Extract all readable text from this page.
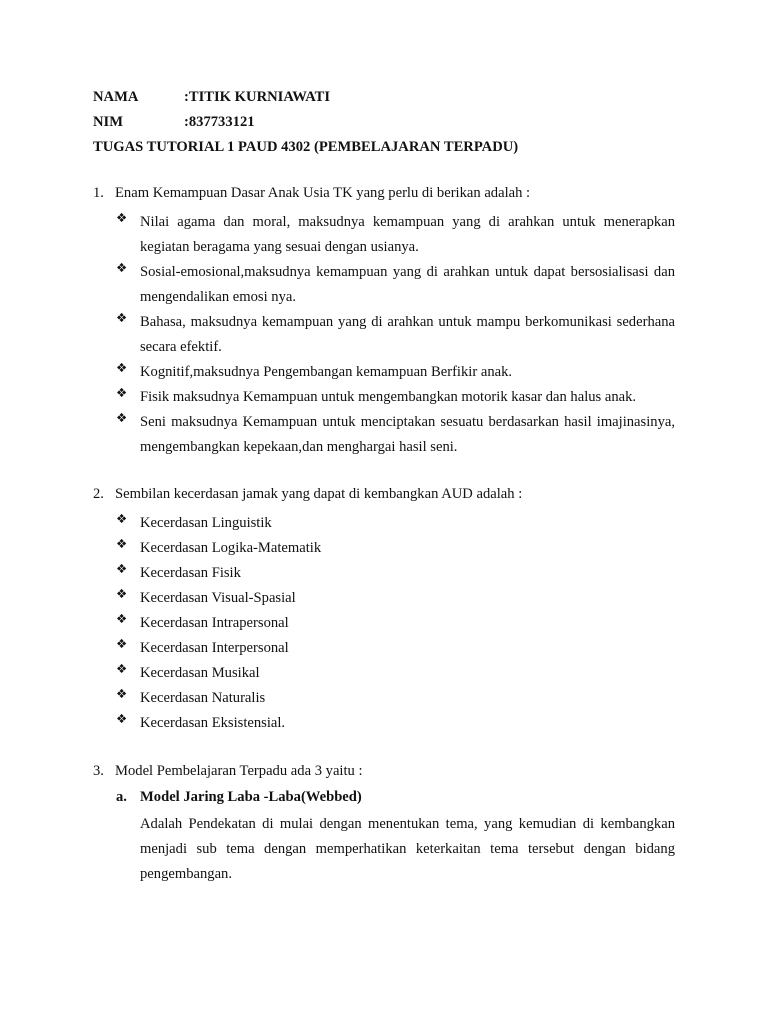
NAMA	:TITIK KURNIAWATI
NIM	:837733121
TUGAS TUTORIAL 1 PAUD 4302 (PEMBELAJARAN TERPADU)
1. Enam Kemampuan Dasar Anak Usia TK yang perlu di berikan adalah :
❖ Nilai agama dan moral, maksudnya kemampuan yang di arahkan untuk menerapkan kegiatan beragama yang sesuai dengan usianya.
❖ Sosial-emosional,maksudnya kemampuan yang di arahkan untuk dapat bersosialisasi dan mengendalikan emosi nya.
❖ Bahasa, maksudnya kemampuan yang di arahkan untuk mampu berkomunikasi sederhana secara efektif.
❖ Kognitif,maksudnya Pengembangan kemampuan Berfikir anak.
❖ Fisik maksudnya Kemampuan untuk mengembangkan motorik kasar dan halus anak.
❖ Seni maksudnya Kemampuan untuk menciptakan sesuatu berdasarkan hasil imajinasinya, mengembangkan kepekaan,dan menghargai hasil seni.
2. Sembilan kecerdasan jamak yang dapat di kembangkan AUD adalah :
❖ Kecerdasan Linguistik
❖ Kecerdasan Logika-Matematik
❖ Kecerdasan Fisik
❖ Kecerdasan Visual-Spasial
❖ Kecerdasan Intrapersonal
❖ Kecerdasan Interpersonal
❖ Kecerdasan Musikal
❖ Kecerdasan Naturalis
❖ Kecerdasan Eksistensial.
3. Model Pembelajaran Terpadu ada 3 yaitu :
a. Model Jaring Laba -Laba(Webbed)
Adalah Pendekatan di mulai dengan menentukan tema, yang kemudian di kembangkan menjadi sub tema dengan memperhatikan keterkaitan tema tersebut dengan bidang pengembangan.
